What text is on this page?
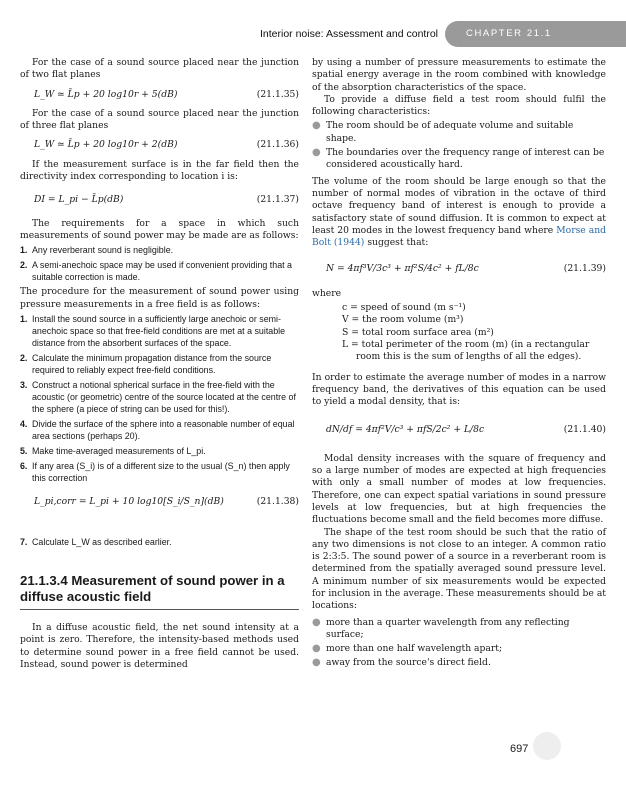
Interior noise: Assessment and control	CHAPTER 21.1

For the case of a sound source placed near the junction of two flat planes

L_W ≃ L̄p + 20 log10r + 5(dB)	(21.1.35)

For the case of a sound source placed near the junction of three flat planes

L_W ≃ L̄p + 20 log10r + 2(dB)	(21.1.36)

If the measurement surface is in the far field then the directivity index corresponding to location i is:

DI = L_pi − L̄p(dB)	(21.1.37)

The requirements for a space in which such measurements of sound power may be made are as follows:

1. Any reverberant sound is negligible.
2. A semi-anechoic space may be used if convenient providing that a suitable correction is made.

The procedure for the measurement of sound power using pressure measurements in a free field is as follows:

1. Install the sound source in a sufficiently large anechoic or semi-anechoic space so that free-field conditions are met at a suitable distance from the absorbent surfaces of the space.
2. Calculate the minimum propagation distance from the source required to reliably expect free-field conditions.
3. Construct a notional spherical surface in the free-field with the acoustic (or geometric) centre of the source located at the centre of the sphere (a piece of string can be used for this!).
4. Divide the surface of the sphere into a reasonable number of equal area sections (perhaps 20).
5. Make time-averaged measurements of L_pi.
6. If any area (S_i) is of a different size to the usual (S_n) then apply this correction
L_pi,corr = L_pi + 10 log10[S_i/S_n](dB)	(21.1.38)
7. Calculate L_W as described earlier.
21.1.3.4 Measurement of sound power in a diffuse acoustic field

In a diffuse acoustic field, the net sound intensity at a point is zero. Therefore, the intensity-based methods used to determine sound power in a free field cannot be used. Instead, sound power is determined

by using a number of pressure measurements to estimate the spatial energy average in the room combined with knowledge of the absorption characteristics of the space.

To provide a diffuse field a test room should fulfil the following characteristics:

● The room should be of adequate volume and suitable shape.
● The boundaries over the frequency range of interest can be considered acoustically hard.

The volume of the room should be large enough so that the number of normal modes of vibration in the octave of third octave frequency band of interest is enough to provide a satisfactory state of sound diffusion. It is common to expect at least 20 modes in the lowest frequency band where Morse and Bolt (1944) suggest that:

N = 4πf³V/3c³ + πf²S/4c² + fL/8c	(21.1.39)

where

c = speed of sound (m s⁻¹)
V = the room volume (m³)
S = total room surface area (m²)
L = total perimeter of the room (m) (in a rectangular room this is the sum of lengths of all the edges).

In order to estimate the average number of modes in a narrow frequency band, the derivatives of this equation can be used to yield a modal density, that is:

dN/df = 4πf²V/c³ + πfS/2c² + L/8c	(21.1.40)

Modal density increases with the square of frequency and so a large number of modes are expected at high frequencies with only a small number of modes at low frequencies. Therefore, one can expect spatial variations in sound pressure levels at low frequencies, but at high frequencies the fluctuations become small and the field becomes more diffuse.

The shape of the test room should be such that the ratio of any two dimensions is not close to an integer. A common ratio is 2:3:5. The sound power of a source in a reverberant room is determined from the spatially averaged sound pressure level. A minimum number of six measurements would be expected for inclusion in the average. These measurements should be at locations:

● more than a quarter wavelength from any reflecting surface;
● more than one half wavelength apart;
● away from the source's direct field.
697
